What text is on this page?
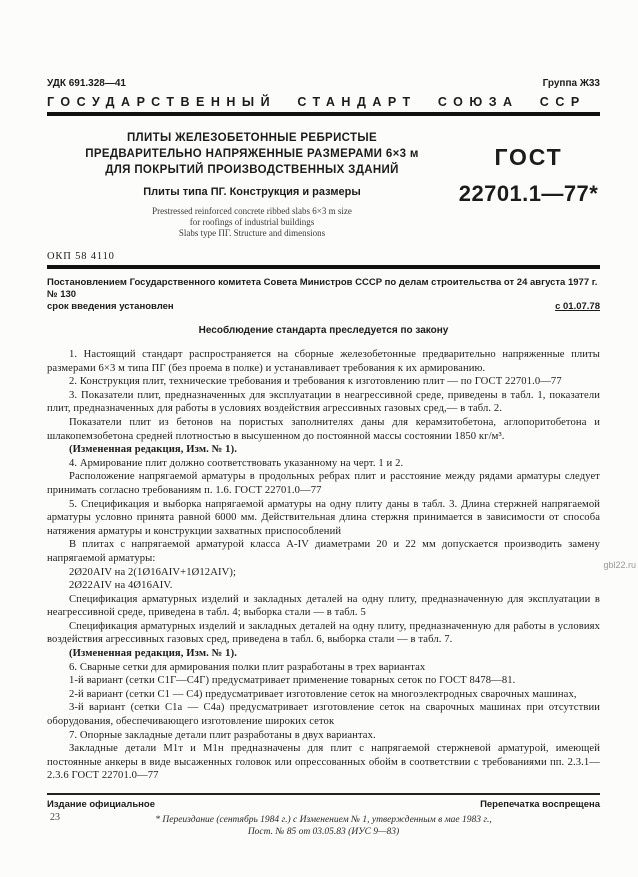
УДК 691.328—41	Группа Ж33
ГОСУДАРСТВЕННЫЙ СТАНДАРТ СОЮЗА ССР
ПЛИТЫ ЖЕЛЕЗОБЕТОННЫЕ РЕБРИСТЫЕ
ПРЕДВАРИТЕЛЬНО НАПРЯЖЕННЫЕ РАЗМЕРАМИ 6×3 м
ДЛЯ ПОКРЫТИЙ ПРОИЗВОДСТВЕННЫХ ЗДАНИЙ
Плиты типа ПГ. Конструкция и размеры
Prestressed reinforced concrete ribbed slabs 6×3 m size
for roofings of industrial buildings
Slabs type ПГ. Structure and dimensions
ГОСТ
22701.1—77*
ОКП 58 4110
Постановлением Государственного комитета Совета Министров СССР по делам строительства от 24 августа 1977 г. № 130
срок введения установлен	с 01.07.78
Несоблюдение стандарта преследуется по закону

1. Настоящий стандарт распространяется на сборные железобетонные предварительно напряженные плиты размерами 6×3 м типа ПГ (без проема в полке) и устанавливает требования к их армированию.

2. Конструкция плит, технические требования и требования к изготовлению плит — по ГОСТ 22701.0—77

3. Показатели плит, предназначенных для эксплуатации в неагрессивной среде, приведены в табл. 1, показатели плит, предназначенных для работы в условиях воздействия агрессивных газовых сред,— в табл. 2.

Показатели плит из бетонов на пористых заполнителях даны для керамзитобетона, аглопоритобетона и шлакопемзобетона средней плотностью в высушенном до постоянной массы состоянии 1850 кг/м³.

(Измененная редакция, Изм. № 1).

4. Армирование плит должно соответствовать указанному на черт. 1 и 2.

Расположение напрягаемой арматуры в продольных ребрах плит и расстояние между рядами арматуры следует принимать согласно требованиям п. 1.6. ГОСТ 22701.0—77

5. Спецификация и выборка напрягаемой арматуры на одну плиту даны в табл. 3. Длина стержней напрягаемой арматуры условно принята равной 6000 мм. Действительная длина стержня принимается в зависимости от способа натяжения арматуры и конструкции захватных приспособлений

В плитах с напрягаемой арматурой класса А-IV диаметрами 20 и 22 мм допускается производить замену напрягаемой арматуры:

2Ø20АIV на 2(1Ø16АIV+1Ø12АIV);

2Ø22АIV на 4Ø16АIV.

Спецификация арматурных изделий и закладных деталей на одну плиту, предназначенную для эксплуатации в неагрессивной среде, приведена в табл. 4; выборка стали — в табл. 5

Спецификация арматурных изделий и закладных деталей на одну плиту, предназначенную для работы в условиях воздействия агрессивных газовых сред, приведена в табл. 6, выборка стали — в табл. 7.

(Измененная редакция, Изм. № 1).

6. Сварные сетки для армирования полки плит разработаны в трех вариантах

1-й вариант (сетки С1Г—С4Г) предусматривает применение товарных сеток по ГОСТ 8478—81.

2-й вариант (сетки С1 — С4) предусматривает изготовление сеток на многоэлектродных сварочных машинах,

3-й вариант (сетки С1а — С4а) предусматривает изготовление сеток на сварочных машинах при отсутствии оборудования, обеспечивающего изготовление широких сеток

7. Опорные закладные детали плит разработаны в двух вариантах.

Закладные детали М1т и М1н предназначены для плит с напрягаемой стержневой арматурой, имеющей постоянные анкеры в виде высаженных головок или опрессованных обойм в соответствии с требованиями пп. 2.3.1—2.3.6 ГОСТ 22701.0—77

Издание официальное	Перепечатка воспрещена
* Переиздание (сентябрь 1984 г.) с Изменением № 1, утвержденным в мае 1983 г.,
Пост. № 85 от 03.05.83 (ИУС 9—83)
23
gbl22.ru
